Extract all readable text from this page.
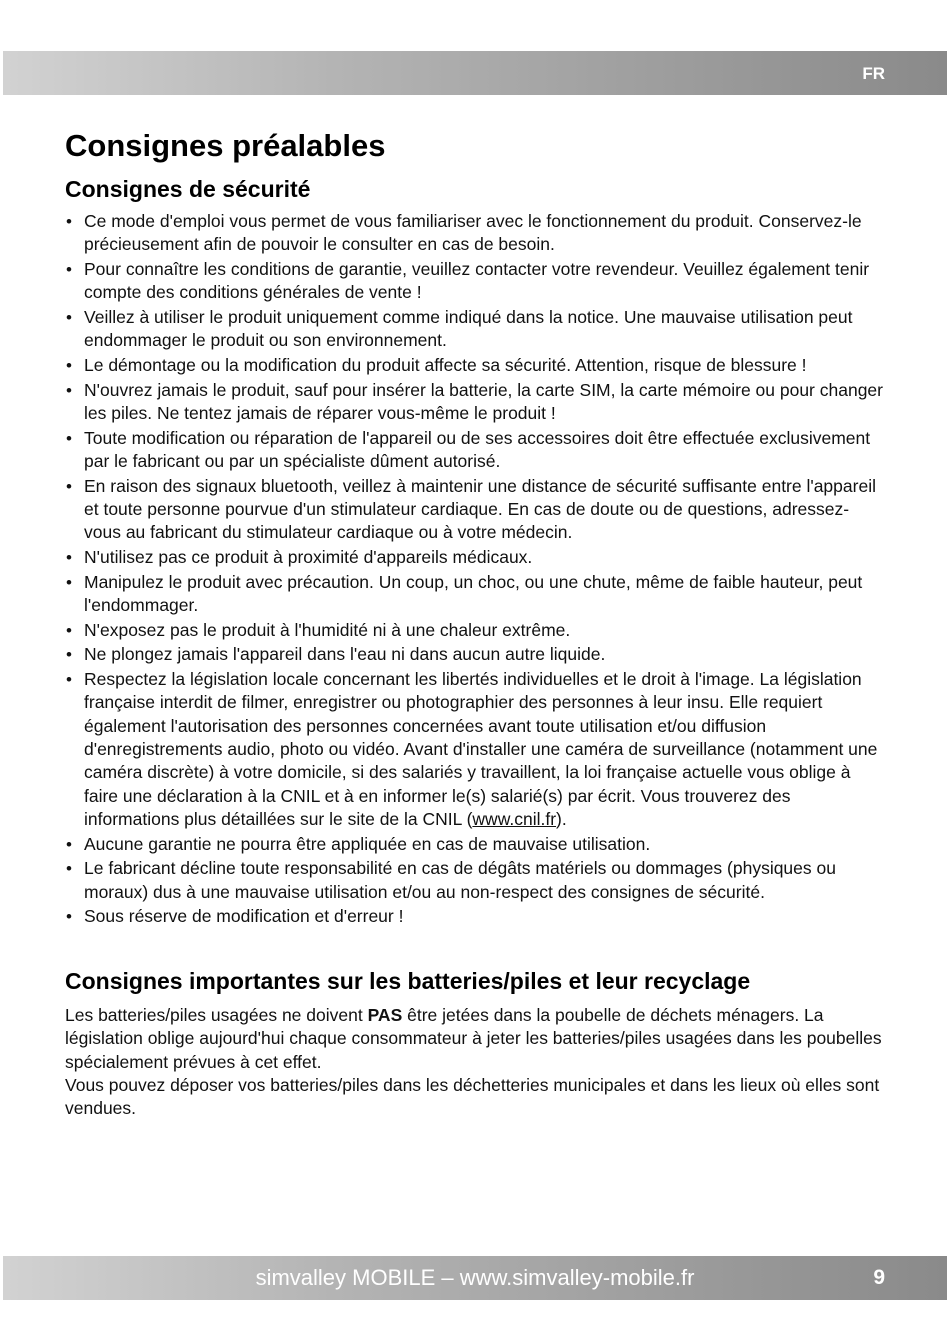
FR
Consignes préalables
Consignes de sécurité
• Ce mode d'emploi vous permet de vous familiariser avec le fonctionnement du produit. Conservez-le précieusement afin de pouvoir le consulter en cas de besoin.
• Pour connaître les conditions de garantie, veuillez contacter votre revendeur. Veuillez également tenir compte des conditions générales de vente !
• Veillez à utiliser le produit uniquement comme indiqué dans la notice. Une mauvaise utilisation peut endommager le produit ou son environnement.
• Le démontage ou la modification du produit affecte sa sécurité. Attention, risque de blessure !
• N'ouvrez jamais le produit, sauf pour insérer la batterie, la carte SIM, la carte mémoire ou pour changer les piles. Ne tentez jamais de réparer vous-même le produit !
• Toute modification ou réparation de l'appareil ou de ses accessoires doit être effectuée exclusivement par le fabricant ou par un spécialiste dûment autorisé.
• En raison des signaux bluetooth, veillez à maintenir une distance de sécurité suffisante entre l'appareil et toute personne pourvue d'un stimulateur cardiaque. En cas de doute ou de questions, adressez-vous au fabricant du stimulateur cardiaque ou à votre médecin.
• N'utilisez pas ce produit à proximité d'appareils médicaux.
• Manipulez le produit avec précaution. Un coup, un choc, ou une chute, même de faible hauteur, peut l'endommager.
• N'exposez pas le produit à l'humidité ni à une chaleur extrême.
• Ne plongez jamais l'appareil dans l'eau ni dans aucun autre liquide.
• Respectez la législation locale concernant les libertés individuelles et le droit à l'image. La législation française interdit de filmer, enregistrer ou photographier des personnes à leur insu. Elle requiert également l'autorisation des personnes concernées avant toute utilisation et/ou diffusion d'enregistrements audio, photo ou vidéo. Avant d'installer une caméra de surveillance (notamment une caméra discrète) à votre domicile, si des salariés y travaillent, la loi française actuelle vous oblige à faire une déclaration à la CNIL et à en informer le(s) salarié(s) par écrit. Vous trouverez des informations plus détaillées sur le site de la CNIL (www.cnil.fr).
• Aucune garantie ne pourra être appliquée en cas de mauvaise utilisation.
• Le fabricant décline toute responsabilité en cas de dégâts matériels ou dommages (physiques ou moraux) dus à une mauvaise utilisation et/ou au non-respect des consignes de sécurité.
• Sous réserve de modification et d'erreur !
Consignes importantes sur les batteries/piles et leur recyclage

Les batteries/piles usagées ne doivent PAS être jetées dans la poubelle de déchets ménagers. La législation oblige aujourd'hui chaque consommateur à jeter les batteries/piles usagées dans les poubelles spécialement prévues à cet effet.

Vous pouvez déposer vos batteries/piles dans les déchetteries municipales et dans les lieux où elles sont vendues.

simvalley MOBILE – www.simvalley-mobile.fr	9
